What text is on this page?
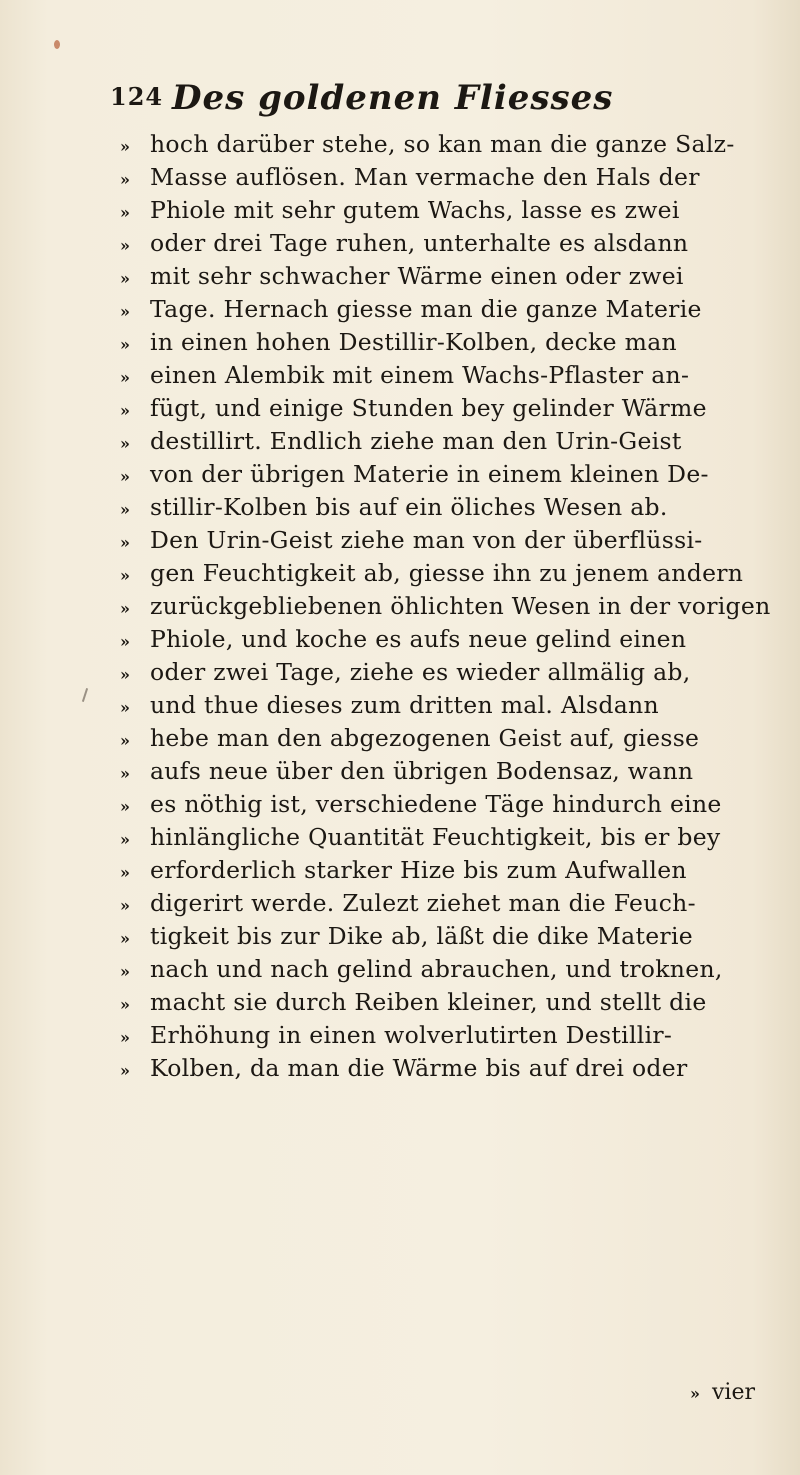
124 Des goldenen Fliesses
» hoch darüber stehe, so kan man die ganze Salz-
» Masse auflösen. Man vermache den Hals der
» Phiole mit sehr gutem Wachs, lasse es zwei
» oder drei Tage ruhen, unterhalte es alsdann
» mit sehr schwacher Wärme einen oder zwei
» Tage. Hernach giesse man die ganze Materie
» in einen hohen Destillir-Kolben, decke man
» einen Alembik mit einem Wachs-Pflaster an-
» fügt, und einige Stunden bey gelinder Wärme
» destillirt. Endlich ziehe man den Urin-Geist
» von der übrigen Materie in einem kleinen De-
» stillir-Kolben bis auf ein öliches Wesen ab.
» Den Urin-Geist ziehe man von der überflüssi-
» gen Feuchtigkeit ab, giesse ihn zu jenem andern
» zurückgebliebenen öhlichten Wesen in der vorigen
» Phiole, und koche es aufs neue gelind einen
» oder zwei Tage, ziehe es wieder allmälig ab,
» und thue dieses zum dritten mal. Alsdann
» hebe man den abgezogenen Geist auf, giesse
» aufs neue über den übrigen Bodensaz, wann
» es nöthig ist, verschiedene Täge hindurch eine
» hinlängliche Quantität Feuchtigkeit, bis er bey
» erforderlich starker Hize bis zum Aufwallen
» digerirt werde. Zulezt ziehet man die Feuch-
» tigkeit bis zur Dike ab, läßt die dike Materie
» nach und nach gelind abrauchen, und troknen,
» macht sie durch Reiben kleiner, und stellt die
» Erhöhung in einen wolverlutirten Destillir-
» Kolben, da man die Wärme bis auf drei oder
» vier
